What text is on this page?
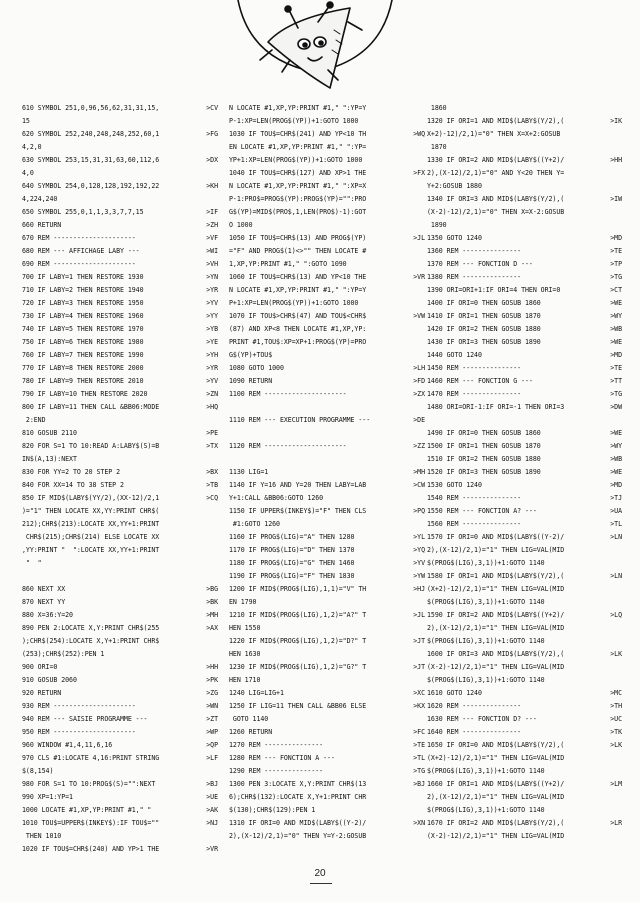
610 SYMBOL 251,0,96,56,62,31,31,15,	>CV
15
620 SYMBOL 252,240,248,248,252,60,1	>FG
4,2,0
630 SYMBOL 253,15,31,31,63,60,112,6	>DX
4,0
640 SYMBOL 254,0,128,128,192,192,22	>KH
4,224,240
650 SYMBOL 255,0,1,1,3,3,7,7,15	>IF
660 RETURN	>ZH
670 REM ---------------------	>VF
680 REM --- AFFICHAGE LABY ---	>WI
690 REM ---------------------	>VH
700 IF LABY=1 THEN RESTORE 1930	>YN
710 IF LABY=2 THEN RESTORE 1940	>YR
720 IF LABY=3 THEN RESTORE 1950	>YV
730 IF LABY=4 THEN RESTORE 1960	>YY
740 IF LABY=5 THEN RESTORE 1970	>YB
750 IF LABY=6 THEN RESTORE 1980	>YE
760 IF LABY=7 THEN RESTORE 1990	>YH
770 IF LABY=8 THEN RESTORE 2000	>YR
780 IF LABY=9 THEN RESTORE 2010	>YV
790 IF LABY=10 THEN RESTORE 2020	>ZN
800 IF LABY=11 THEN CALL &BB06:MODE	>HQ
2:END
810 GOSUB 2110	>PE
820 FOR S=1 TO 10:READ A:LABY$(S)=B	>TX
IN$(A,13):NEXT
830 FOR YY=2 TO 20 STEP 2	>BX
840 FOR XX=14 TO 38 STEP 2	>TB
850 IF MID$(LABY$(YY/2),(XX-12)/2,1	>CQ
)="1" THEN LOCATE XX,YY:PRINT CHR$(
212);CHR$(213):LOCATE XX,YY+1:PRINT
CHR$(215);CHR$(214) ELSE LOCATE XX
,YY:PRINT "  ":LOCATE XX,YY+1:PRINT
"  "
860 NEXT XX	>BG
870 NEXT YY	>BK
880 X=36:Y=20	>MH
890 PEN 2:LOCATE X,Y:PRINT CHR$(255	>AX
);CHR$(254):LOCATE X,Y+1:PRINT CHR$
(253);CHR$(252):PEN 1
900 ORI=0	>HH
910 GOSUB 2060	>PK
920 RETURN	>ZG
930 REM ---------------------	>WN
940 REM --- SAISIE PROGRAMME ---	>ZT
950 REM ---------------------	>WP
960 WINDOW #1,4,11,6,16	>QP
970 CLS #1:LOCATE 4,16:PRINT STRING	>LF
$(8,154)
980 FOR S=1 TO 10:PROG$(S)="":NEXT	>BJ
990 XP=1:YP=1	>UE
1000 LOCATE #1,XP,YP:PRINT #1," "	>AK
1010 TOU$=UPPER$(INKEY$):IF TOU$=""	>NJ
THEN 1010
1020 IF TOU$=CHR$(240) AND YP>1 THE	>VR
N LOCATE #1,XP,YP:PRINT #1," ":YP=Y
P-1:XP=LEN(PROG$(YP))+1:GOTO 1000
1030 IF TOU$=CHR$(241) AND YP<10 TH	>WQ
EN LOCATE #1,XP,YP:PRINT #1," ":YP=
YP+1:XP=LEN(PROG$(YP))+1:GOTO 1000
1040 IF TOU$=CHR$(127) AND XP>1 THE	>FX
N LOCATE #1,XP,YP:PRINT #1," ":XP=X
P-1:PRO$=PROG$(YP):PROG$(YP)="":PRO
G$(YP)=MID$(PRO$,1,LEN(PRO$)-1):GOT
O 1000
1050 IF TOU$=CHR$(13) AND PROG$(YP)	>JL
="F" AND PROG$(1)<>"" THEN LOCATE #
1,XP,YP:PRINT #1," ":GOTO 1090
1060 IF TOU$=CHR$(13) AND YP<10 THE	>VR
N LOCATE #1,XP,YP:PRINT #1," ":YP=Y
P+1:XP=LEN(PROG$(YP))+1:GOTO 1000
1070 IF TOU$>CHR$(47) AND TOU$<CHR$	>VW
(87) AND XP<8 THEN LOCATE #1,XP,YP:
PRINT #1,TOU$:XP=XP+1:PROG$(YP)=PRO
G$(YP)+TOU$
1080 GOTO 1000	>LH
1090 RETURN	>FD
1100 REM ---------------------	>ZX
1110 REM --- EXECUTION PROGRAMME ---	>DE
1120 REM ---------------------	>ZZ
1130 LIG=1	>MH
1140 IF Y=16 AND Y=20 THEN LABY=LAB	>CW
Y+1:CALL &BB06:GOTO 1260
1150 IF UPPER$(INKEY$)="F" THEN CLS	>PQ
#1:GOTO 1260
1160 IF PROG$(LIG)="A" THEN 1280	>YL
1170 IF PROG$(LIG)="D" THEN 1370	>YQ
1180 IF PROG$(LIG)="G" THEN 1460	>YV
1190 IF PROG$(LIG)="F" THEN 1830	>YW
1200 IF MID$(PROG$(LIG),1,1)="V" TH	>HJ
EN 1790
1210 IF MID$(PROG$(LIG),1,2)="A?" T	>JL
HEN 1550
1220 IF MID$(PROG$(LIG),1,2)="D?" T	>JT
HEN 1630
1230 IF MID$(PROG$(LIG),1,2)="G?" T	>JT
HEN 1710
1240 LIG=LIG+1	>XC
1250 IF LIG=11 THEN CALL &BB06 ELSE	>KX
GOTO 1140
1260 RETURN	>FC
1270 REM ---------------	>TE
1280 REM --- FONCTION A ---	>TL
1290 REM ---------------	>TG
1300 PEN 3:LOCATE X,Y:PRINT CHR$(13	>BJ
6);CHR$(132):LOCATE X,Y+1:PRINT CHR
$(130);CHR$(129):PEN 1
1310 IF ORI=0 AND MID$(LABY$((Y-2)/	>XN
2),(X-12)/2,1)="0" THEN Y=Y-2:GOSUB
1860
1320 IF ORI=1 AND MID$(LABY$(Y/2),(	>IK
X+2)-12)/2,1)="0" THEN X=X+2:GOSUB
1870
1330 IF ORI=2 AND MID$(LABY$((Y+2)/	>HH
2),(X-12)/2,1)="0" AND Y<20 THEN Y=
Y+2:GOSUB 1880
1340 IF ORI=3 AND MID$(LABY$(Y/2),(	>IW
(X-2)-12)/2,1)="0" THEN X=X-2:GOSUB
1890
1350 GOTO 1240	>MD
1360 REM ---------------	>TE
1370 REM --- FONCTION D ---	>TP
1380 REM ---------------	>TG
1390 ORI=ORI+1:IF ORI=4 THEN ORI=0	>CT
1400 IF ORI=0 THEN GOSUB 1860	>WE
1410 IF ORI=1 THEN GOSUB 1870	>WY
1420 IF ORI=2 THEN GOSUB 1880	>WB
1430 IF ORI=3 THEN GOSUB 1890	>WE
1440 GOTO 1240	>MD
1450 REM ---------------	>TE
1460 REM --- FONCTION G ---	>TT
1470 REM ---------------	>TG
1480 ORI=ORI-1:IF ORI=-1 THEN ORI=3	>DW
1490 IF ORI=0 THEN GOSUB 1860	>WE
1500 IF ORI=1 THEN GOSUB 1870	>WY
1510 IF ORI=2 THEN GOSUB 1880	>WB
1520 IF ORI=3 THEN GOSUB 1890	>WE
1530 GOTO 1240	>MD
1540 REM ---------------	>TJ
1550 REM --- FONCTION A? ---	>UA
1560 REM ---------------	>TL
1570 IF ORI=0 AND MID$(LABY$((Y-2)/	>LN
2),(X-12)/2,1)="1" THEN LIG=VAL(MID
$(PROG$(LIG),3,1))+1:GOTO 1140
1580 IF ORI=1 AND MID$(LABY$(Y/2),(	>LN
(X+2)-12)/2,1)="1" THEN LIG=VAL(MID
$(PROG$(LIG),3,1))+1:GOTO 1140
1590 IF ORI=2 AND MID$(LABY$((Y+2)/	>LQ
2),(X-12)/2,1)="1" THEN LIG=VAL(MID
$(PROG$(LIG),3,1))+1:GOTO 1140
1600 IF ORI=3 AND MID$(LABY$(Y/2),(	>LK
(X-2)-12)/2,1)="1" THEN LIG=VAL(MID
$(PROG$(LIG),3,1))+1:GOTO 1140
1610 GOTO 1240	>MC
1620 REM ---------------	>TH
1630 REM --- FONCTION D? ---	>UC
1640 REM ---------------	>TK
1650 IF ORI=0 AND MID$(LABY$(Y/2),(	>LK
(X+2)-12)/2,1)="1" THEN LIG=VAL(MID
$(PROG$(LIG),3,1))+1:GOTO 1140
1660 IF ORI=1 AND MID$(LABY$((Y+2)/	>LM
2),(X-12)/2,1)="1" THEN LIG=VAL(MID
$(PROG$(LIG),3,1))+1:GOTO 1140
1670 IF ORI=2 AND MID$(LABY$(Y/2),(	>LR
(X-2)-12)/2,1)="1" THEN LIG=VAL(MID
20
